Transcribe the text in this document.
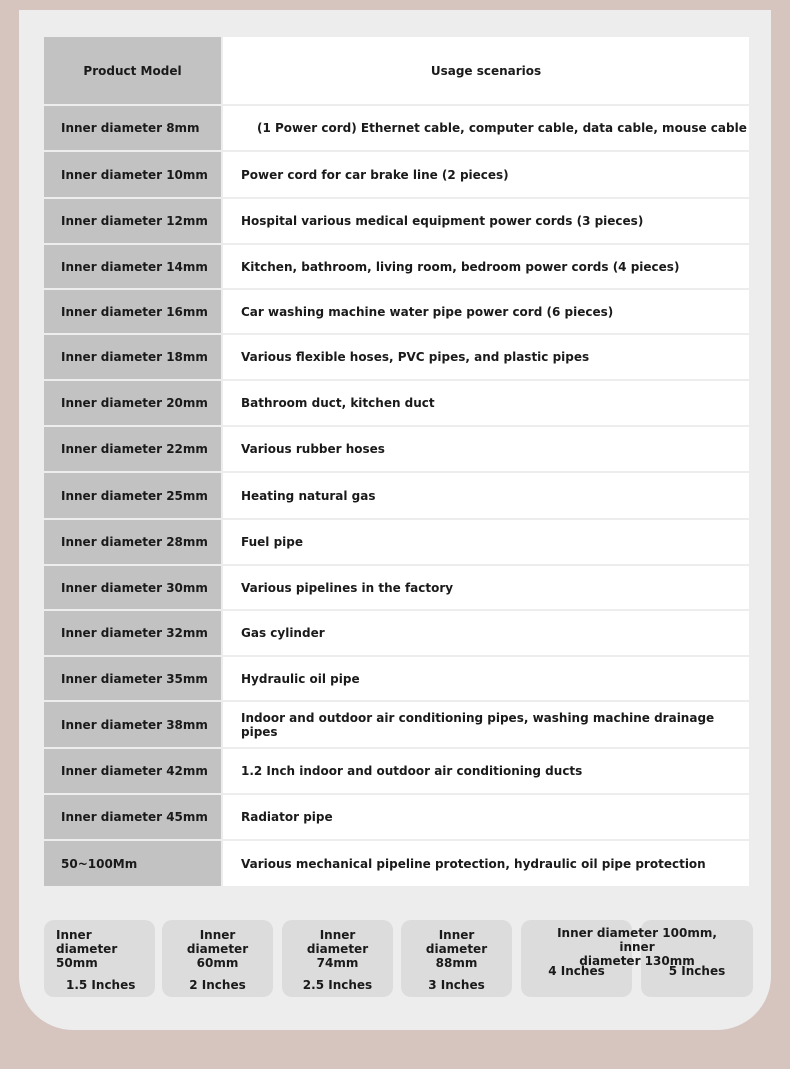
Product Model	Usage scenarios
Inner diameter 8mm	(1 Power cord) Ethernet cable, computer cable, data cable, mouse cable
Inner diameter 10mm	Power cord for car brake line (2 pieces)
Inner diameter 12mm	Hospital various medical equipment power cords (3 pieces)
Inner diameter 14mm	Kitchen, bathroom, living room, bedroom power cords (4 pieces)
Inner diameter 16mm	Car washing machine water pipe power cord (6 pieces)
Inner diameter 18mm	Various flexible hoses, PVC pipes, and plastic pipes
Inner diameter 20mm	Bathroom duct, kitchen duct
Inner diameter 22mm	Various rubber hoses
Inner diameter 25mm	Heating natural gas
Inner diameter 28mm	Fuel pipe
Inner diameter 30mm	Various pipelines in the factory
Inner diameter 32mm	Gas cylinder
Inner diameter 35mm	Hydraulic oil pipe
Inner diameter 38mm	Indoor and outdoor air conditioning pipes, washing machine drainage pipes
Inner diameter 42mm	1.2 Inch indoor and outdoor air conditioning ducts
Inner diameter 45mm	Radiator pipe
50~100Mm	Various mechanical pipeline protection, hydraulic oil pipe protection
Inner
diameter 50mm
1.5 Inches
Inner
diameter 60mm
2 Inches
Inner
diameter 74mm
2.5 Inches
Inner
diameter 88mm
3 Inches

4 Inches

	5 Inches
Inner diameter 100mm, inner
diameter 130mm
